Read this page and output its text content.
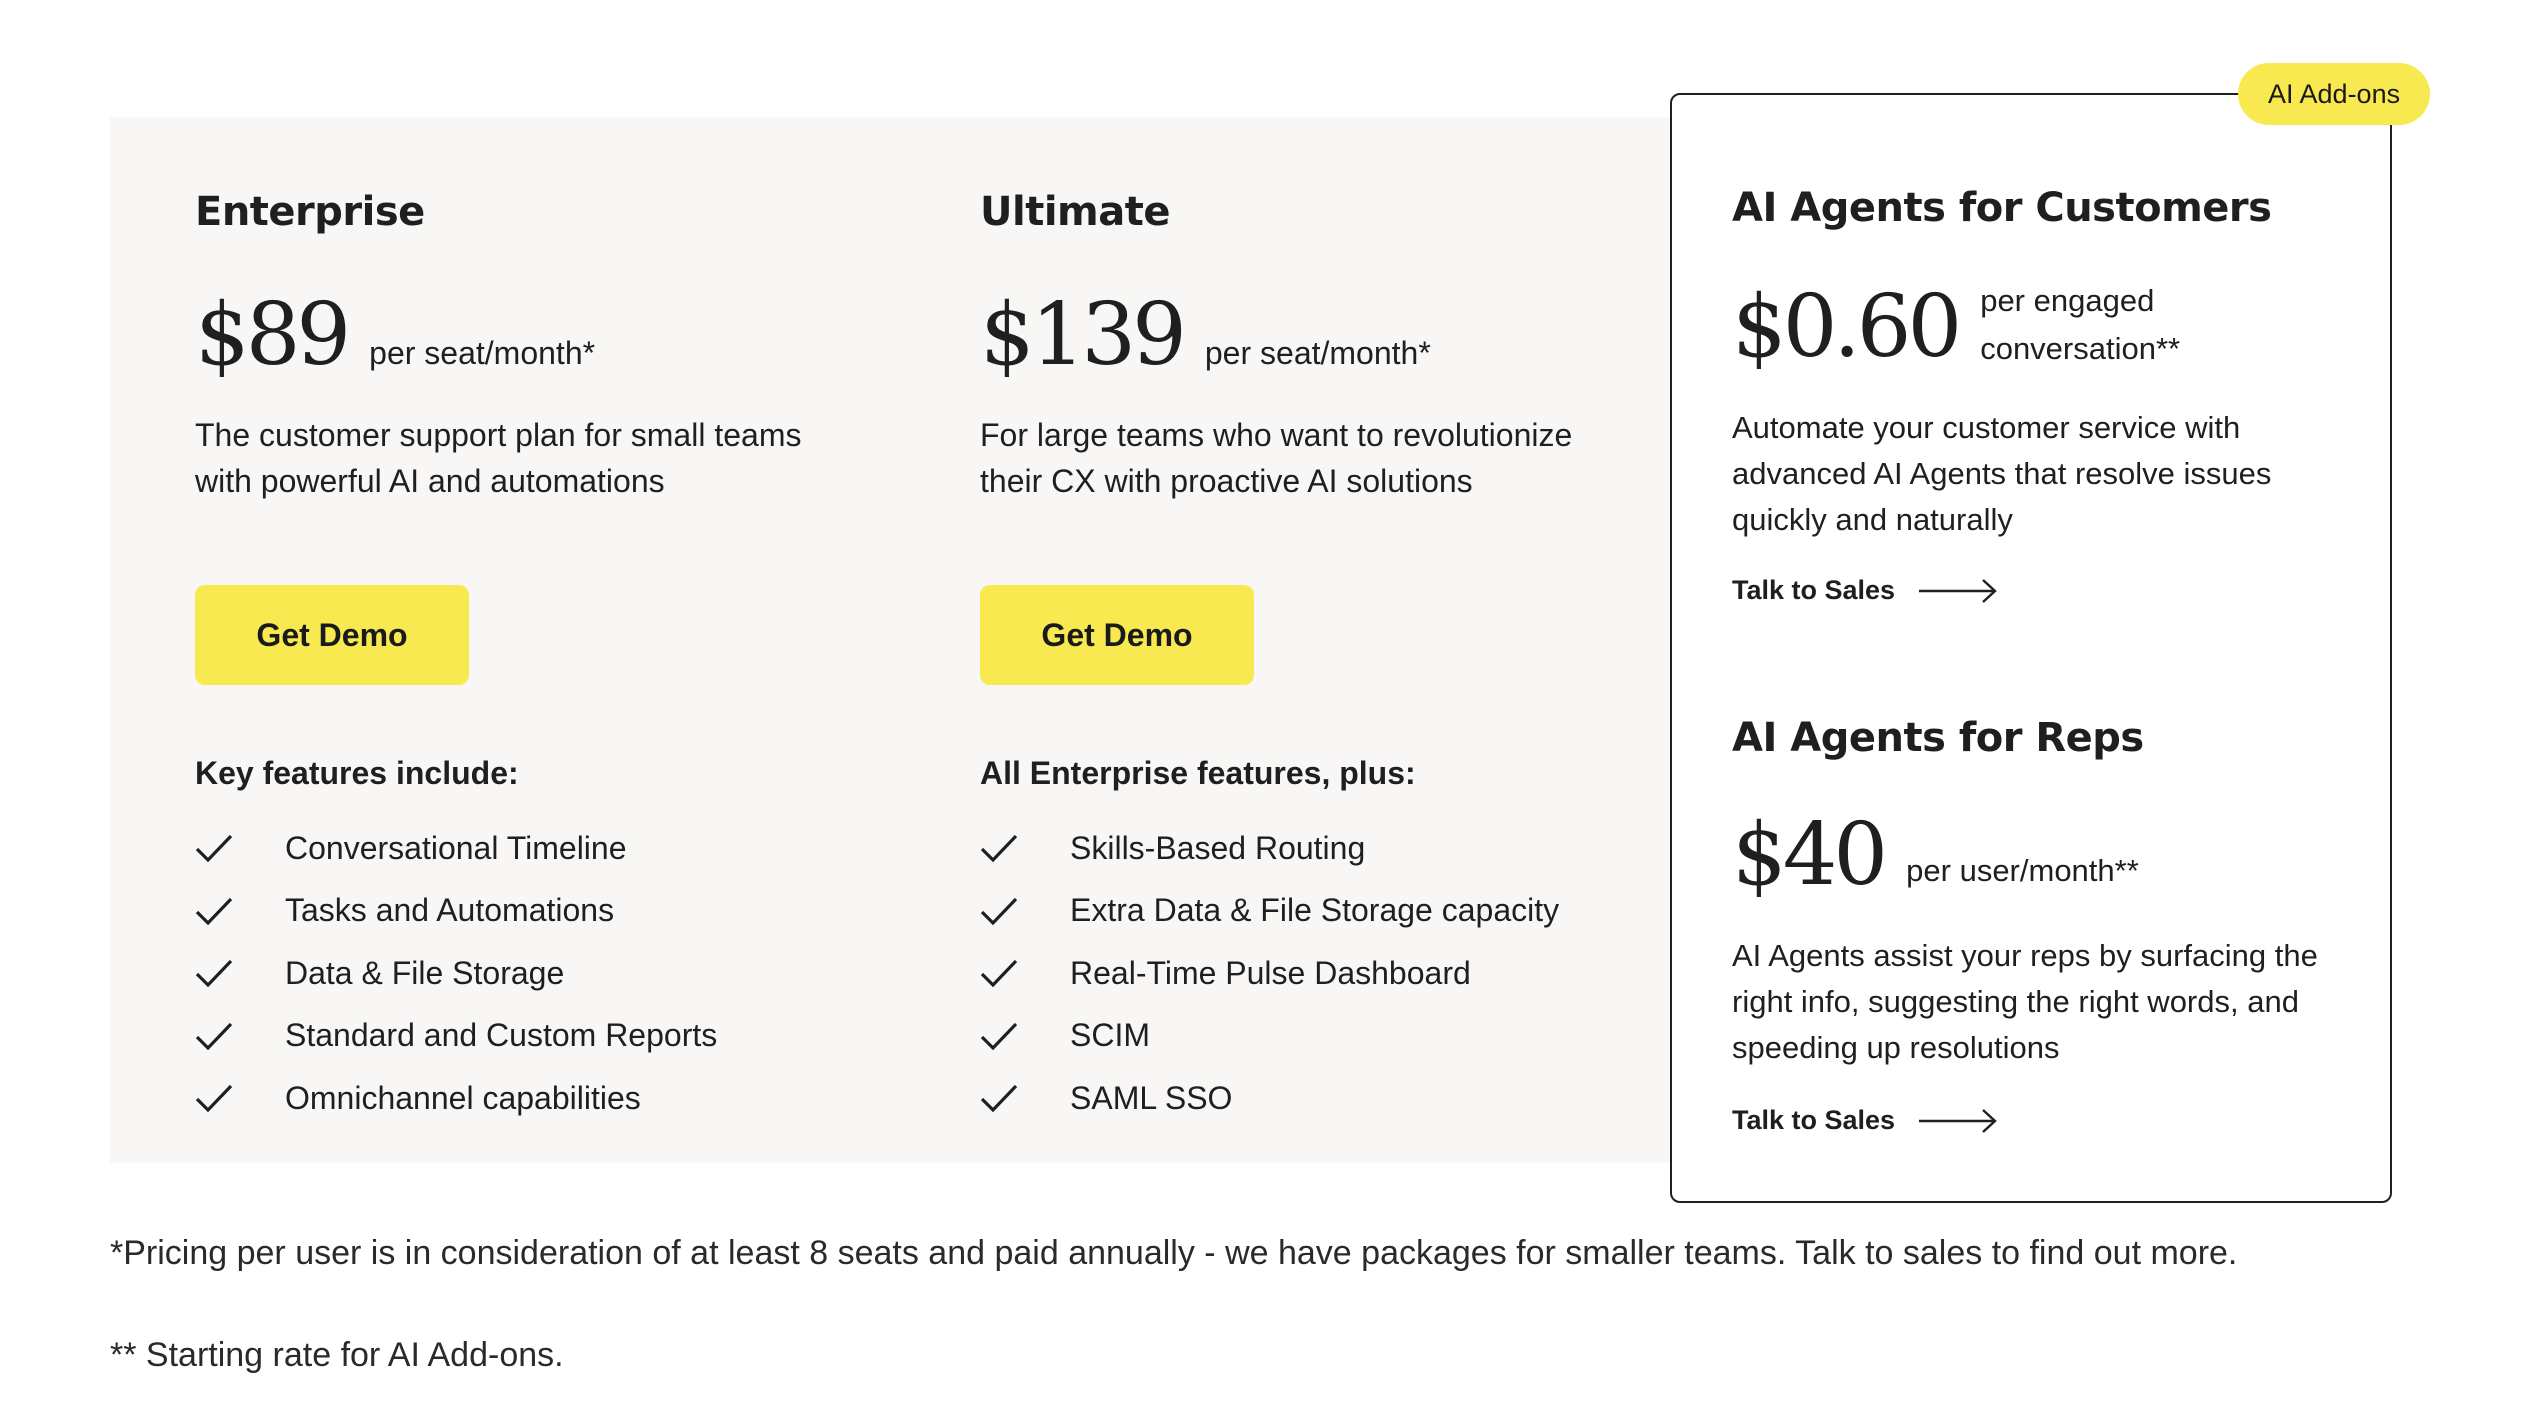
Enterprise
$89 per seat/month*
The customer support plan for small teams with powerful AI and automations
Get Demo
Key features include:
Conversational Timeline
Tasks and Automations
Data & File Storage
Standard and Custom Reports
Omnichannel capabilities
Ultimate
$139 per seat/month*
For large teams who want to revolutionize their CX with proactive AI solutions
Get Demo
All Enterprise features, plus:
Skills-Based Routing
Extra Data & File Storage capacity
Real-Time Pulse Dashboard
SCIM
SAML SSO
AI Add-ons
AI Agents for Customers
$0.60 per engaged
conversation**
Automate your customer service with advanced AI Agents that resolve issues quickly and naturally
Talk to Sales
AI Agents for Reps
$40 per user/month**
AI Agents assist your reps by surfacing the right info, suggesting the right words, and speeding up resolutions
Talk to Sales
*Pricing per user is in consideration of at least 8 seats and paid annually - we have packages for smaller teams. Talk to sales to find out more.
** Starting rate for AI Add-ons.
